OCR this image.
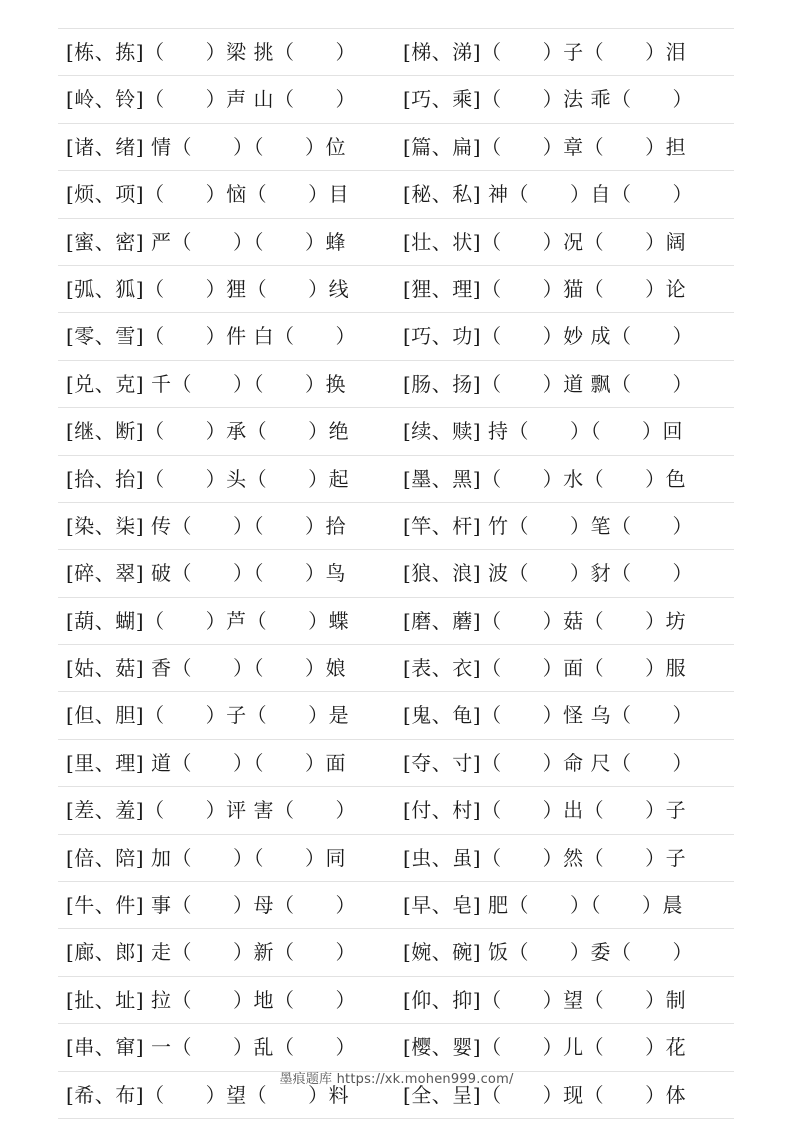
[栋、拣]（　　）梁 挑（　　） [梯、涕]（　　）子（　　）泪
[岭、铃]（　　）声 山（　　） [巧、乘]（　　）法 乖（　　）
[诸、绪] 情（　　）（　　）位	[篇、扁]（　　）章（　　）担
[烦、项]（　　）恼（　　）目	[秘、私] 神（　　）自（　　）
[蜜、密] 严（　　）（　　）蜂	[壮、状]（　　）况（　　）阔
[弧、狐]（　　）狸（　　）线	[狸、理]（　　）猫（　　）论
[零、雪]（　　）件 白（　　） [巧、功]（　　）妙 成（　　）
[兑、克] 千（　　）（　　）换	[肠、扬]（　　）道 飘（　　）
[继、断]（　　）承（　　）绝	[续、赎] 持（　　）（　　）回
[拾、抬]（　　）头（　　）起	[墨、黑]（　　）水（　　）色
[染、柒] 传（　　）（　　）拾	[竿、杆] 竹（　　）笔（　　）
[碎、翠] 破（　　）（　　）鸟	[狼、浪] 波（　　）豺（　　）
[葫、蝴]（　　）芦（　　）蝶	[磨、蘑]（　　）菇（　　）坊
[姑、菇] 香（　　）（　　）娘	[表、衣]（　　）面（　　）服
[但、胆]（　　）子（　　）是	[鬼、龟]（　　）怪 乌（　　）
[里、理] 道（　　）（　　）面	[夺、寸]（　　）命 尺（　　）
[差、羞]（　　）评 害（　　） [付、村]（　　）出（　　）子
[倍、陪] 加（　　）（　　）同	[虫、虽]（　　）然（　　）子
[牛、件] 事（　　）母（　　） [早、皂] 肥（　　）（　　）晨
[廊、郎] 走（　　）新（　　） [婉、碗] 饭（　　）委（　　）
[扯、址] 拉（　　）地（　　） [仰、抑]（　　）望（　　）制
[串、窜] 一（　　）乱（　　） [樱、婴]（　　）儿（　　）花
[希、布]（　　）望（　　）料	[全、呈]（　　）现（　　）体
墨痕题库 https://xk.mohen999.com/
